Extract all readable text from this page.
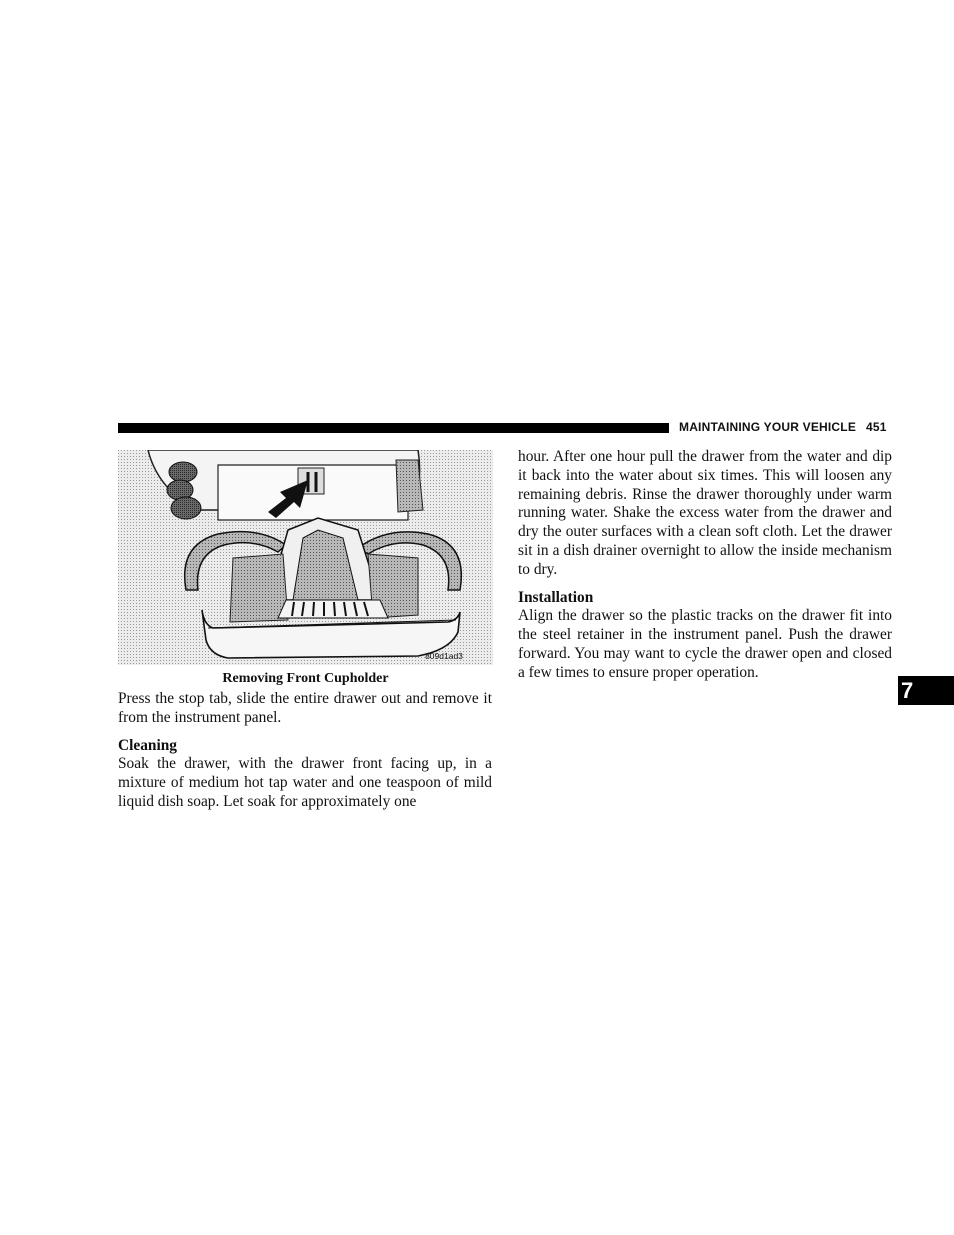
MAINTAINING YOUR VEHICLE 451
809d1ad3
Removing Front Cupholder

Press the stop tab, slide the entire drawer out and remove it from the instrument panel.

Cleaning

Soak the drawer, with the drawer front facing up, in a mixture of medium hot tap water and one teaspoon of mild liquid dish soap. Let soak for approximately one

hour. After one hour pull the drawer from the water and dip it back into the water about six times. This will loosen any remaining debris. Rinse the drawer thoroughly under warm running water. Shake the excess water from the drawer and dry the outer surfaces with a clean soft cloth. Let the drawer sit in a dish drainer overnight to allow the inside mechanism to dry.

Installation

Align the drawer so the plastic tracks on the drawer fit into the steel retainer in the instrument panel. Push the drawer forward. You may want to cycle the drawer open and closed a few times to ensure proper operation.

7
